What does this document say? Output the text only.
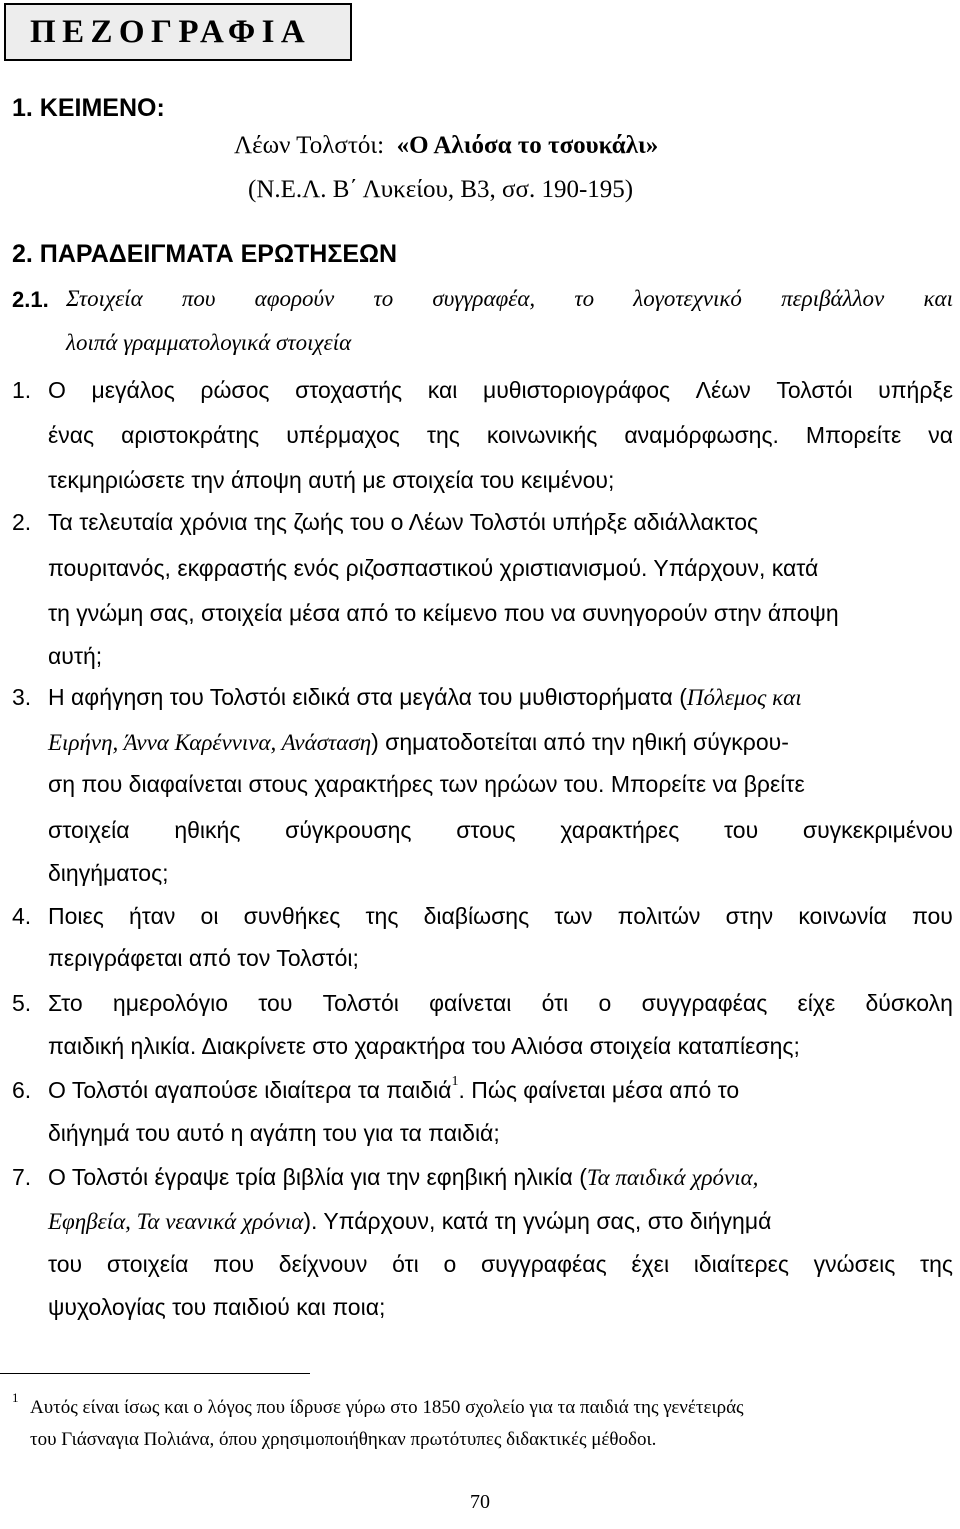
ΠΕΖΟΓΡΑΦΙΑ
1. ΚΕΙΜΕΝΟ:
Λέων Τολστόι: «Ο Αλιόσα το τσουκάλι»
(Ν.Ε.Λ. Β΄ Λυκείου, Β3, σσ. 190-195)
2. ΠΑΡΑΔΕΙΓΜΑΤΑ ΕΡΩΤΗΣΕΩΝ
2.1. Στοιχεία που αφορούν το συγγραφέα, το λογοτεχνικό περιβάλλον και
λοιπά γραμματολογικά στοιχεία
1. Ο μεγάλος ρώσος στοχαστής και μυθιστοριογράφος Λέων Τολστόι υπήρξε
ένας αριστοκράτης υπέρμαχος της κοινωνικής αναμόρφωσης. Μπορείτε να
τεκμηριώσετε την άποψη αυτή με στοιχεία του κειμένου;
2. Τα τελευταία χρόνια της ζωής του ο Λέων Τολστόι υπήρξε αδιάλλακτος
πουριτανός, εκφραστής ενός ριζοσπαστικού χριστιανισμού. Υπάρχουν, κατά
τη γνώμη σας, στοιχεία μέσα από το κείμενο που να συνηγορούν στην άποψη
αυτή;
3. Η αφήγηση του Τολστόι ειδικά στα μεγάλα του μυθιστορήματα (Πόλεμος και
Ειρήνη, Άννα Καρέννινα, Ανάσταση) σηματοδοτείται από την ηθική σύγκρου-
ση που διαφαίνεται στους χαρακτήρες των ηρώων του. Μπορείτε να βρείτε
στοιχεία ηθικής σύγκρουσης στους χαρακτήρες του συγκεκριμένου
διηγήματος;
4. Ποιες ήταν οι συνθήκες της διαβίωσης των πολιτών στην κοινωνία που
περιγράφεται από τον Τολστόι;
5. Στο ημερολόγιο του Τολστόι φαίνεται ότι ο συγγραφέας είχε δύσκολη
παιδική ηλικία. Διακρίνετε στο χαρακτήρα του Αλιόσα στοιχεία καταπίεσης;
6. Ο Τολστόι αγαπούσε ιδιαίτερα τα παιδιά$^1$. Πώς φαίνεται μέσα από το
διήγημά του αυτό η αγάπη του για τα παιδιά;
7. Ο Τολστόι έγραψε τρία βιβλία για την εφηβική ηλικία (Τα παιδικά χρόνια,
Εφηβεία, Τα νεανικά χρόνια). Υπάρχουν, κατά τη γνώμη σας, στο διήγημά
του στοιχεία που δείχνουν ότι ο συγγραφέας έχει ιδιαίτερες γνώσεις της
ψυχολογίας του παιδιού και ποια;
1 Αυτός είναι ίσως και ο λόγος που ίδρυσε γύρω στο 1850 σχολείο για τα παιδιά της γενέτειράς
του Γιάσναγια Πολιάνα, όπου χρησιμοποιήθηκαν πρωτότυπες διδακτικές μέθοδοι.
70
